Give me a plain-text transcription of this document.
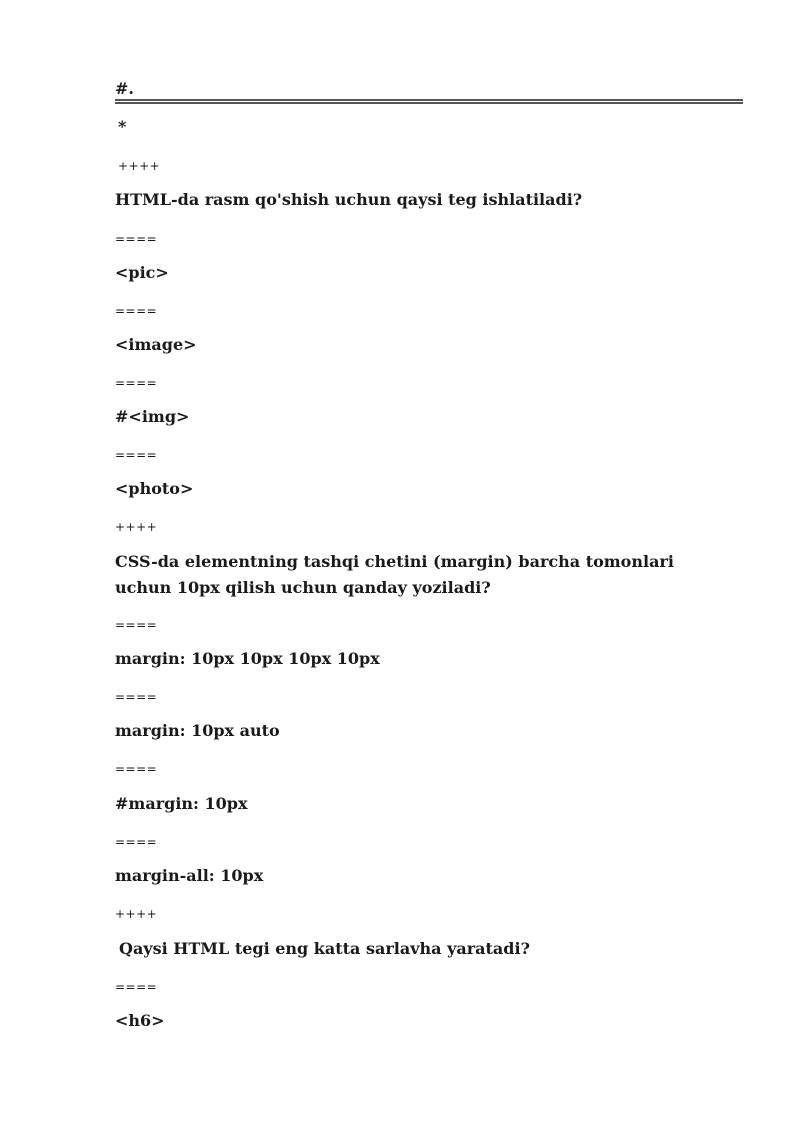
#.
*
++++
HTML-da rasm qo'shish uchun qaysi teg ishlatiladi?
====
<pic>
====
<image>
====
#<img>
====
<photo>
++++
CSS-da elementning tashqi chetini (margin) barcha tomonlari uchun 10px qilish uchun qanday yoziladi?
====
margin: 10px 10px 10px 10px
====
margin: 10px auto
====
#margin: 10px
====
margin-all: 10px
++++
Qaysi HTML tegi eng katta sarlavha yaratadi?
====
<h6>
